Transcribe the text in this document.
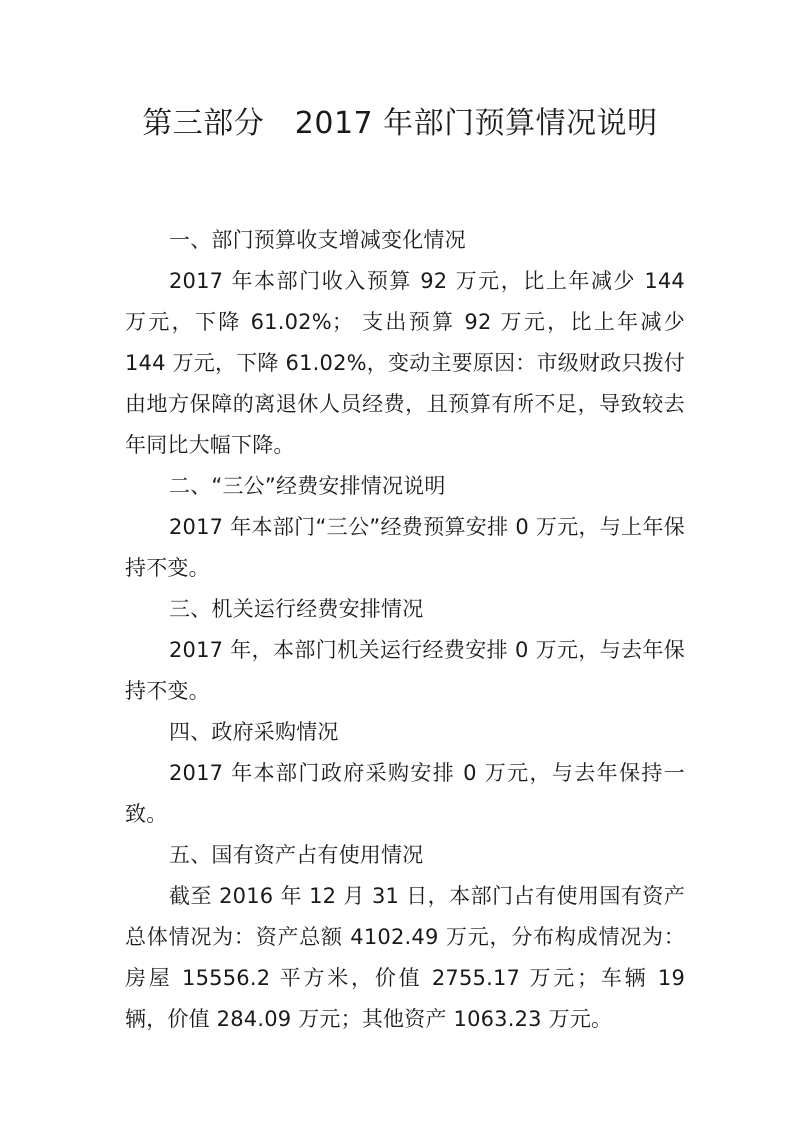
第三部分　2017 年部门预算情况说明

一、部门预算收支增减变化情况

2017 年本部门收入预算 92 万元，比上年减少 144 万元，下降 61.02%； 支出预算 92 万元，比上年减少 144 万元，下降 61.02%，变动主要原因：市级财政只拨付由地方保障的离退休人员经费，且预算有所不足，导致较去年同比大幅下降。

二、“三公”经费安排情况说明

2017 年本部门“三公”经费预算安排 0 万元，与上年保持不变。

三、机关运行经费安排情况

2017 年，本部门机关运行经费安排 0 万元，与去年保持不变。

四、政府采购情况

2017 年本部门政府采购安排 0 万元，与去年保持一致。

五、国有资产占有使用情况

截至 2016 年 12 月 31 日，本部门占有使用国有资产总体情况为：资产总额 4102.49 万元，分布构成情况为：房屋 15556.2 平方米，价值 2755.17 万元；车辆 19 辆，价值 284.09 万元；其他资产 1063.23 万元。
